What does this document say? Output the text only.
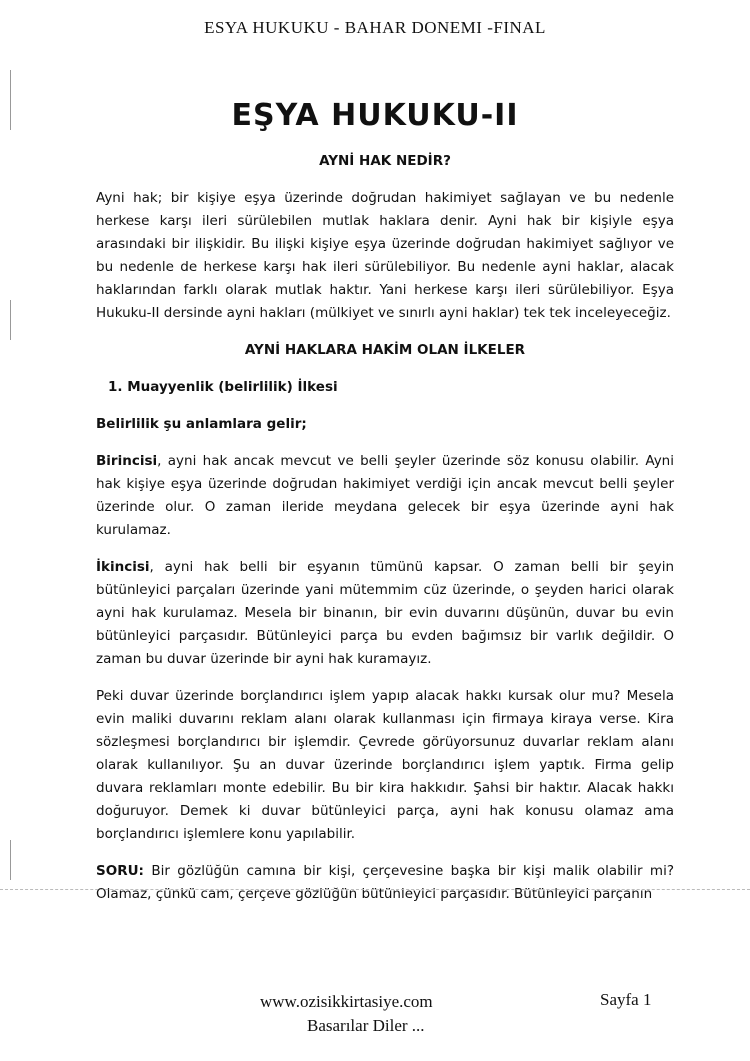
ESYA HUKUKU - BAHAR DONEMI -FINAL
EŞYA HUKUKU-II
AYNİ HAK NEDİR?

Ayni hak; bir kişiye eşya üzerinde doğrudan hakimiyet sağlayan ve bu nedenle herkese karşı ileri sürülebilen mutlak haklara denir. Ayni hak bir kişiyle eşya arasındaki bir ilişkidir. Bu ilişki kişiye eşya üzerinde doğrudan hakimiyet sağlıyor ve bu nedenle de herkese karşı hak ileri sürülebiliyor. Bu nedenle ayni haklar, alacak haklarından farklı olarak mutlak haktır. Yani herkese karşı ileri sürülebiliyor. Eşya Hukuku-II dersinde ayni hakları (mülkiyet ve sınırlı ayni haklar) tek tek inceleyeceğiz.

AYNİ HAKLARA HAKİM OLAN İLKELER
1. Muayyenlik (belirlilik) İlkesi
Belirlilik şu anlamlara gelir;

Birincisi, ayni hak ancak mevcut ve belli şeyler üzerinde söz konusu olabilir. Ayni hak kişiye eşya üzerinde doğrudan hakimiyet verdiği için ancak mevcut belli şeyler üzerinde olur. O zaman ileride meydana gelecek bir eşya üzerinde ayni hak kurulamaz.

İkincisi, ayni hak belli bir eşyanın tümünü kapsar. O zaman belli bir şeyin bütünleyici parçaları üzerinde yani mütemmim cüz üzerinde, o şeyden harici olarak ayni hak kurulamaz. Mesela bir binanın, bir evin duvarını düşünün, duvar bu evin bütünleyici parçasıdır. Bütünleyici parça bu evden bağımsız bir varlık değildir. O zaman bu duvar üzerinde bir ayni hak kuramayız.

Peki duvar üzerinde borçlandırıcı işlem yapıp alacak hakkı kursak olur mu? Mesela evin maliki duvarını reklam alanı olarak kullanması için firmaya kiraya verse. Kira sözleşmesi borçlandırıcı bir işlemdir. Çevrede görüyorsunuz duvarlar reklam alanı olarak kullanılıyor. Şu an duvar üzerinde borçlandırıcı işlem yaptık. Firma gelip duvara reklamları monte edebilir. Bu bir kira hakkıdır. Şahsi bir haktır. Alacak hakkı doğuruyor. Demek ki duvar bütünleyici parça, ayni hak konusu olamaz ama borçlandırıcı işlemlere konu yapılabilir.

SORU: Bir gözlüğün camına bir kişi, çerçevesine başka bir kişi malik olabilir mi? Olamaz, çünkü cam, çerçeve gözlüğün bütünleyici parçasıdır. Bütünleyici parçanın

www.ozisikkirtasiye.com	Sayfa 1
Basarılar Diler ...
